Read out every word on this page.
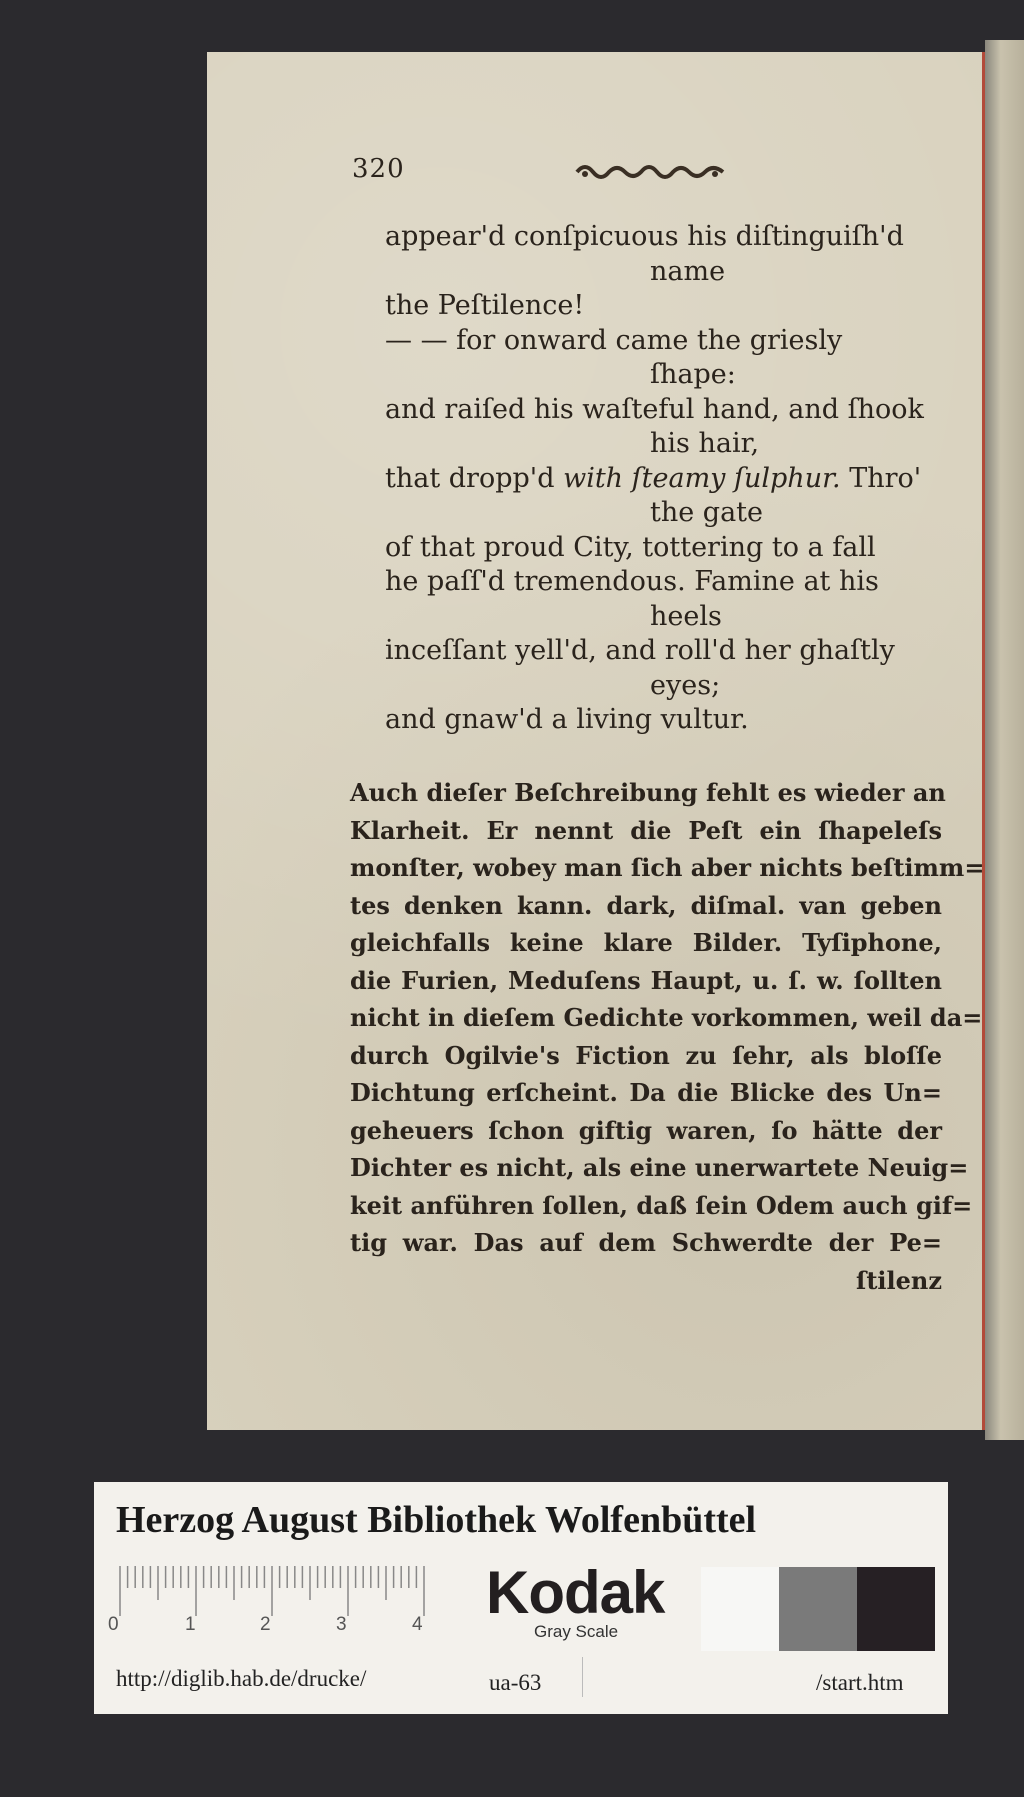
320
appear'd conſpicuous his diſtinguiſh'd
name
the Peſtilence!
— — for onward came the griesly
ſhape:
and raiſed his waſteful hand, and ſhook
his hair,
that dropp'd with ſteamy ſulphur. Thro'
the gate
of that proud City, tottering to a fall
he paſſ'd tremendous. Famine at his
heels
inceſſant yell'd, and roll'd her ghaſtly
eyes;
and gnaw'd a living vultur.
Auch dieſer Beſchreibung fehlt es wieder an
Klarheit. Er nennt die Peſt ein ſhapeleſs
monſter, wobey man ſich aber nichts beſtimm=
tes denken kann. dark, diſmal. van geben
gleichfalls keine klare Bilder. Tyſiphone,
die Furien, Meduſens Haupt, u. ſ. w. ſollten
nicht in dieſem Gedichte vorkommen, weil da=
durch Ogilvie's Fiction zu ſehr, als bloſſe
Dichtung erſcheint. Da die Blicke des Un=
geheuers ſchon giftig waren, ſo hätte der
Dichter es nicht, als eine unerwartete Neuig=
keit anführen ſollen, daß ſein Odem auch gif=
tig war. Das auf dem Schwerdte der Pe=
ſtilenz
Herzog August Bibliothek Wolfenbüttel
0	1	2	3	4 Kodak
Gray Scale
http://diglib.hab.de/drucke/	ua-63	/start.htm
